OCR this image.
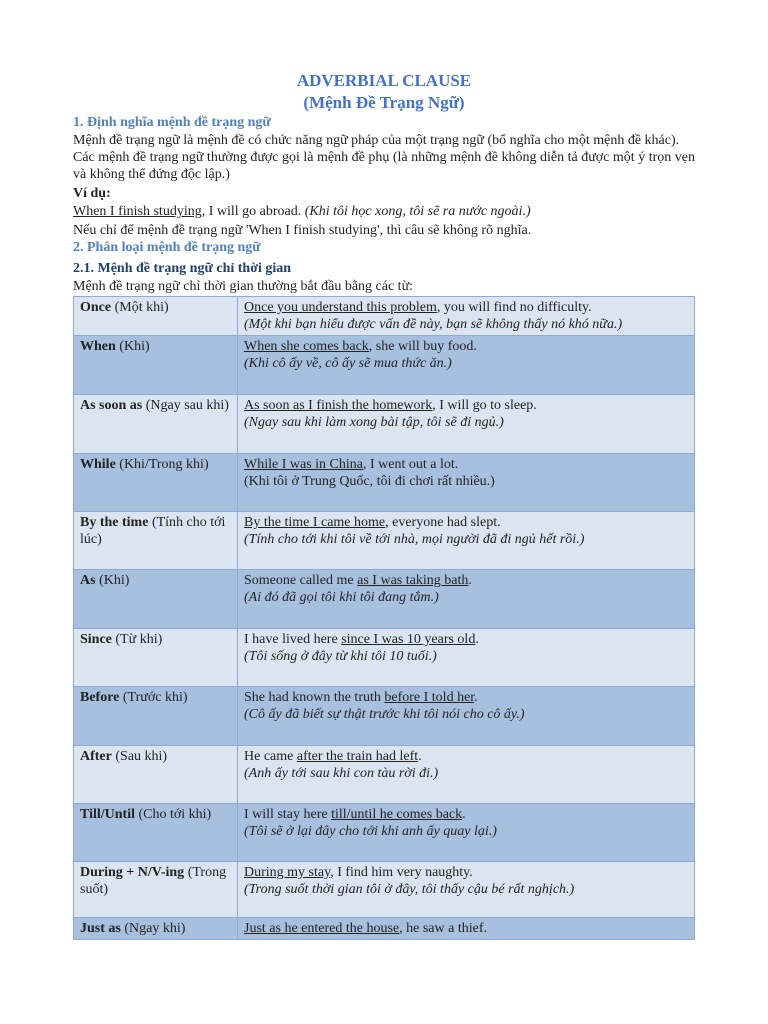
ADVERBIAL CLAUSE
(Mệnh Đề Trạng Ngữ)
1. Định nghĩa mệnh đề trạng ngữ

Mệnh đề trạng ngữ là mệnh đề có chức năng ngữ pháp của một trạng ngữ (bổ nghĩa cho một mệnh đề khác). Các mệnh đề trạng ngữ thường được gọi là mệnh đề phụ (là những mệnh đề không diễn tả được một ý trọn vẹn và không thể đứng độc lập.)

Ví dụ:

When I finish studying, I will go abroad. (Khi tôi học xong, tôi sẽ ra nước ngoài.)

Nếu chỉ để mệnh đề trạng ngữ 'When I finish studying', thì câu sẽ không rõ nghĩa.

2. Phân loại mệnh đề trạng ngữ
2.1. Mệnh đề trạng ngữ chỉ thời gian

Mệnh đề trạng ngữ chỉ thời gian thường bắt đầu bằng các từ:

Once (Một khi)	Once you understand this problem, you will find no difficulty.
(Một khi bạn hiểu được vấn đề này, bạn sẽ không thấy nó khó nữa.)

When (Khi)	When she comes back, she will buy food.
(Khi cô ấy về, cô ấy sẽ mua thức ăn.)

As soon as (Ngay sau khi)	As soon as I finish the homework, I will go to sleep.
(Ngay sau khi làm xong bài tập, tôi sẽ đi ngủ.)

While (Khi/Trong khi)	While I was in China, I went out a lot.
(Khi tôi ở Trung Quốc, tôi đi chơi rất nhiều.)

By the time (Tính cho tới lúc)	By the time I came home, everyone had slept.
(Tính cho tới khi tôi về tới nhà, mọi người đã đi ngủ hết rồi.)

As (Khi)	Someone called me as I was taking bath.
(Ai đó đã gọi tôi khi tôi đang tắm.)

Since (Từ khi)	I have lived here since I was 10 years old.
(Tôi sống ở đây từ khi tôi 10 tuổi.)

Before (Trước khi)	She had known the truth before I told her.
(Cô ấy đã biết sự thật trước khi tôi nói cho cô ấy.)

After (Sau khi)	He came after the train had left.
(Anh ấy tới sau khi con tàu rời đi.)

Till/Until (Cho tới khi)	I will stay here till/until he comes back.
(Tôi sẽ ở lại đây cho tới khi anh ấy quay lại.)

During + N/V-ing (Trong suốt)	During my stay, I find him very naughty.
(Trong suốt thời gian tôi ở đây, tôi thấy cậu bé rất nghịch.)

Just as (Ngay khi)	Just as he entered the house, he saw a thief.
